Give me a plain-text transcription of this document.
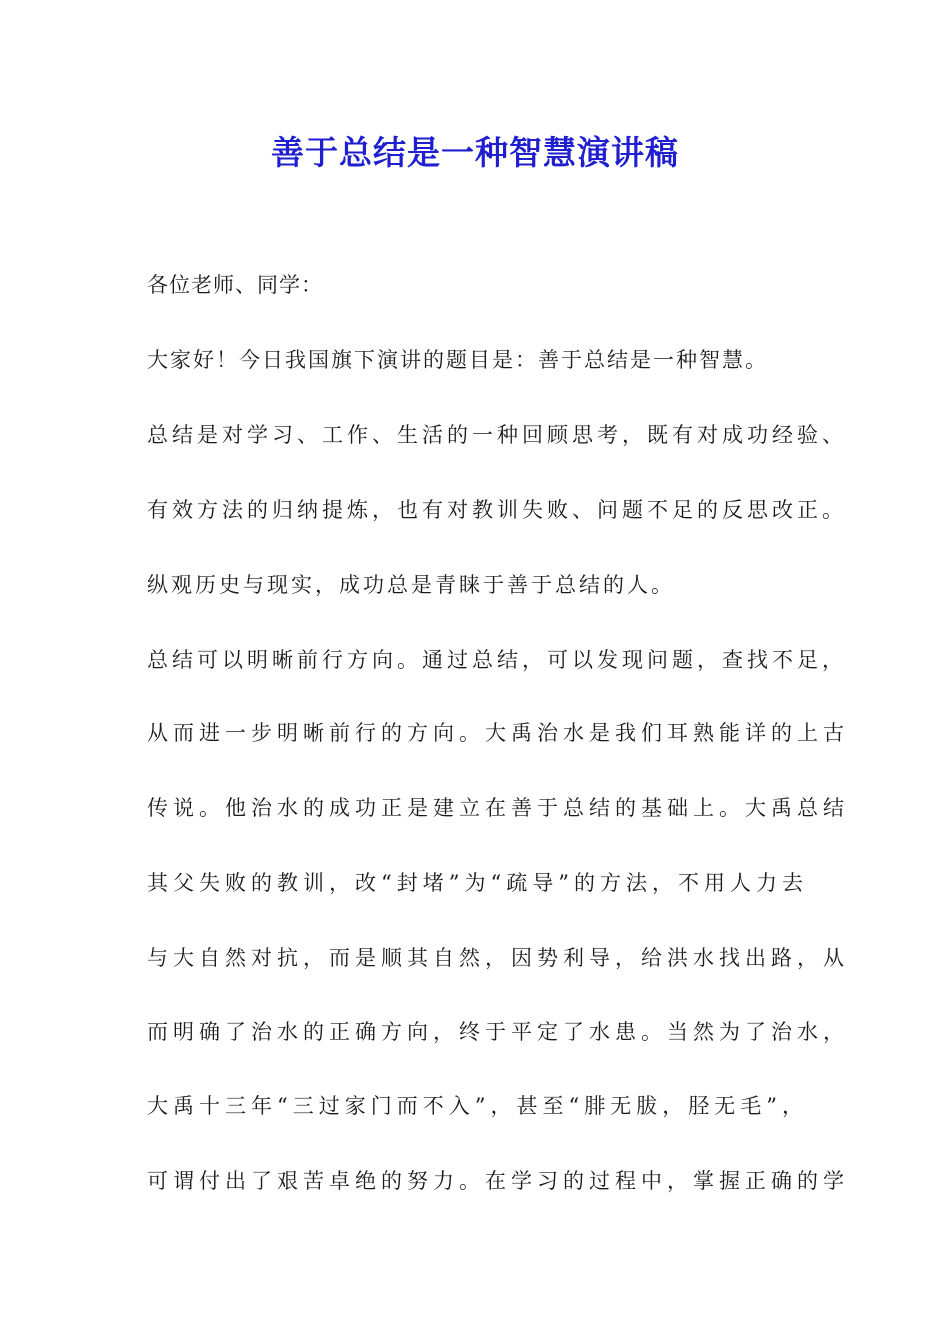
善于总结是一种智慧演讲稿
各位老师、同学：
大家好！今日我国旗下演讲的题目是：善于总结是一种智慧。
总结是对学习、工作、生活的一种回顾思考，既有对成功经验、
有效方法的归纳提炼，也有对教训失败、问题不足的反思改正。
纵观历史与现实，成功总是青睐于善于总结的人。
总结可以明晰前行方向。通过总结，可以发现问题，查找不足，
从而进一步明晰前行的方向。大禹治水是我们耳熟能详的上古
传说。他治水的成功正是建立在善于总结的基础上。大禹总结
其父失败的教训，改“封堵”为“疏导”的方法，不用人力去
与大自然对抗，而是顺其自然，因势利导，给洪水找出路，从
而明确了治水的正确方向，终于平定了水患。当然为了治水，
大禹十三年“三过家门而不入”，甚至“腓无胈，胫无毛”，
可谓付出了艰苦卓绝的努力。在学习的过程中，掌握正确的学
